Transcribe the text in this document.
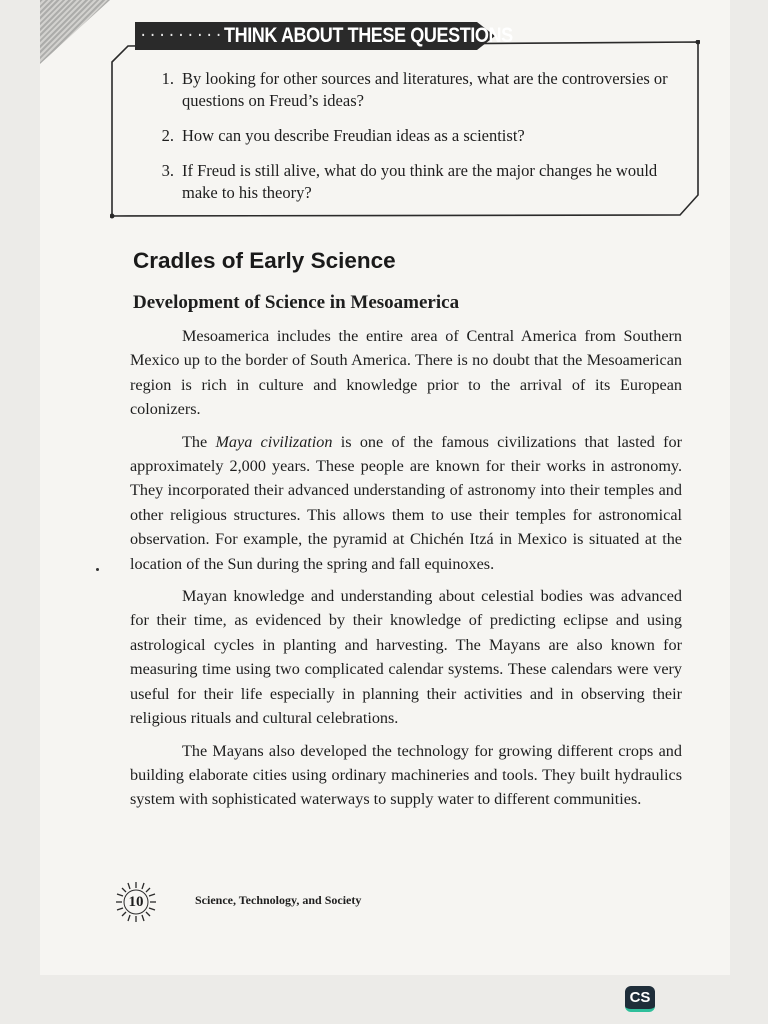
········· THINK ABOUT THESE QUESTIONS
1. By looking for other sources and literatures, what are the controversies or questions on Freud’s ideas?
2. How can you describe Freudian ideas as a scientist?
3. If Freud is still alive, what do you think are the major changes he would make to his theory?
Cradles of Early Science
Development of Science in Mesoamerica

Mesoamerica includes the entire area of Central America from Southern Mexico up to the border of South America. There is no doubt that the Mesoamerican region is rich in culture and knowledge prior to the arrival of its European colonizers.

The Maya civilization is one of the famous civilizations that lasted for approximately 2,000 years. These people are known for their works in astronomy. They incorporated their advanced understanding of astronomy into their temples and other religious structures. This allows them to use their temples for astronomical observation. For example, the pyramid at Chichén Itzá in Mexico is situated at the location of the Sun during the spring and fall equinoxes.

Mayan knowledge and understanding about celestial bodies was advanced for their time, as evidenced by their knowledge of predicting eclipse and using astrological cycles in planting and harvesting. The Mayans are also known for measuring time using two complicated calendar systems. These calendars were very useful for their life especially in planning their activities and in observing their religious rituals and cultural celebrations.

The Mayans also developed the technology for growing different crops and building elaborate cities using ordinary machineries and tools. They built hydraulics system with sophisticated waterways to supply water to different communities.

10	Science, Technology, and Society
CS
